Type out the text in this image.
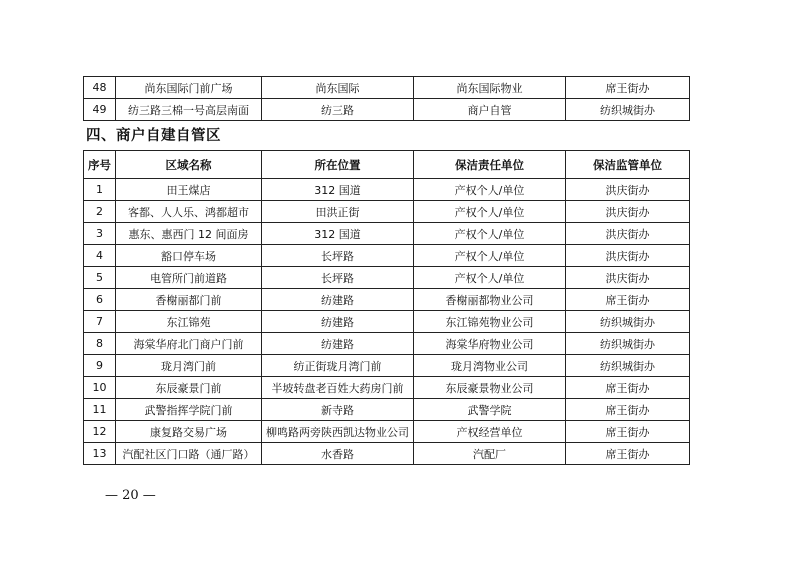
48	尚东国际门前广场	尚东国际	尚东国际物业	席王街办
49	纺三路三棉一号高层南面	纺三路	商户自管	纺织城街办
四、商户自建自管区
序号	区域名称	所在位置	保洁责任单位	保洁监管单位
1	田王煤店	312 国道	产权个人/单位	洪庆街办
2	客都、人人乐、鸿都超市	田洪正街	产权个人/单位	洪庆街办
3	惠东、惠西门 12 间面房	312 国道	产权个人/单位	洪庆街办
4	豁口停车场	长坪路	产权个人/单位	洪庆街办
5	电管所门前道路	长坪路	产权个人/单位	洪庆街办
6	香榭丽都门前	纺建路	香榭丽都物业公司	席王街办
7	东江锦苑	纺建路	东江锦苑物业公司	纺织城街办
8	海棠华府北门商户门前	纺建路	海棠华府物业公司	纺织城街办
9	珑月湾门前	纺正街珑月湾门前	珑月湾物业公司	纺织城街办
10	东辰豪景门前	半坡转盘老百姓大药房门前	东辰豪景物业公司	席王街办
11	武警指挥学院门前	新寺路	武警学院	席王街办
12	康复路交易广场	柳鸣路两旁陕西凯达物业公司	产权经营单位	席王街办
13	汽配社区门口路（通厂路）	水香路	汽配厂	席王街办
— 20 —
